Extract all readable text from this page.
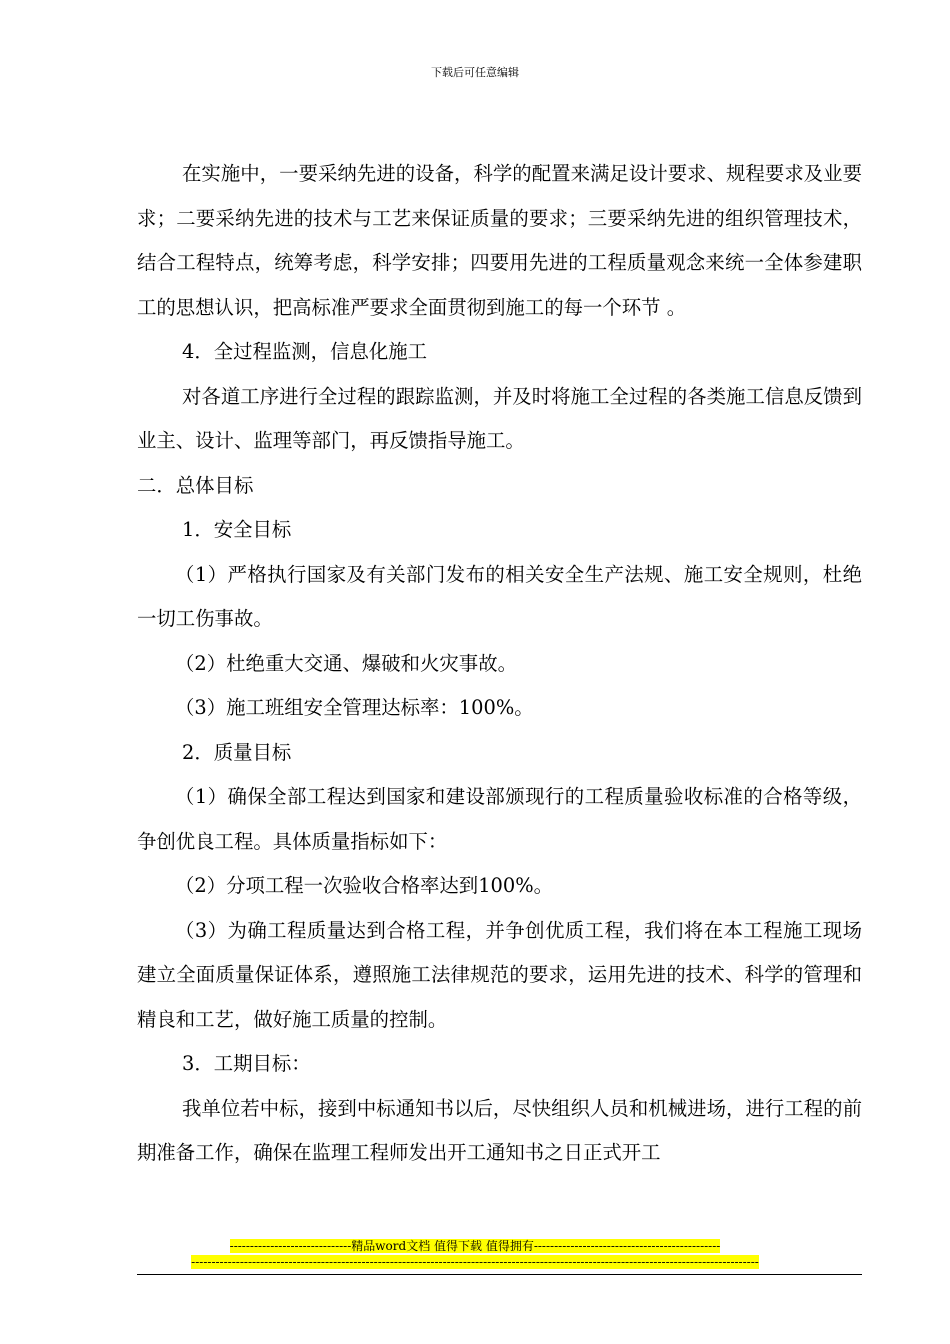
下载后可任意编辑

在实施中，一要采纳先进的设备，科学的配置来满足设计要求、规程要求及业要求；二要采纳先进的技术与工艺来保证质量的要求；三要采纳先进的组织管理技术，结合工程特点，统筹考虑，科学安排；四要用先进的工程质量观念来统一全体参建职工的思想认识，把高标准严要求全面贯彻到施工的每一个环节 。

4．全过程监测，信息化施工

对各道工序进行全过程的跟踪监测，并及时将施工全过程的各类施工信息反馈到业主、设计、监理等部门，再反馈指导施工。

二．总体目标

1．安全目标

（1）严格执行国家及有关部门发布的相关安全生产法规、施工安全规则，杜绝一切工伤事故。

（2）杜绝重大交通、爆破和火灾事故。

（3）施工班组安全管理达标率：100%。

2．质量目标

（1）确保全部工程达到国家和建设部颁现行的工程质量验收标准的合格等级，争创优良工程。具体质量指标如下：

（2）分项工程一次验收合格率达到100%。

（3）为确工程质量达到合格工程，并争创优质工程，我们将在本工程施工现场建立全面质量保证体系，遵照施工法律规范的要求，运用先进的技术、科学的管理和精良和工艺，做好施工质量的控制。

3．工期目标：

我单位若中标，接到中标通知书以后，尽快组织人员和机械进场，进行工程的前期准备工作，确保在监理工程师发出开工通知书之日正式开工

------------------------------精品word文档 值得下载 值得拥有----------------------------------------------
--------------------------------------------------------------------------------------------------------------------------------------------
